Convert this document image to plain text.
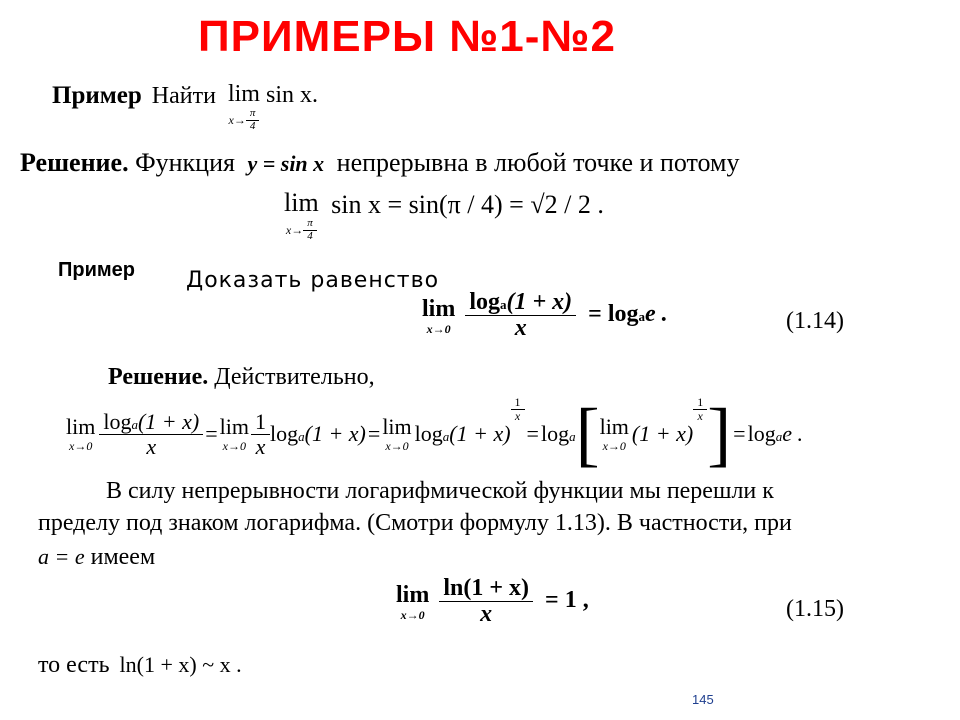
ПРИМЕРЫ №1-№2
Пример Найти lim
$x\to \frac{\pi}{4}$
sin x.
Решение. Функция y = sin x непрерывна в любой точке и потому
lim
$x\to \frac{\pi}{4}$
sin x = sin(π / 4) = √2 / 2 .
Пример Доказать равенство
lim
x→0
$\frac{\log a(1 + x)}{x}$ = logae .	(1.14)
Решение. Действительно,
lim
$x\to 0 \frac{\log a(1 + x)}{x} = \lim$
$x\to 0 \frac{1}{x} \log a(1 + x) = \lim$
x→0 loga(1 + x)
$\frac{1}{x}$
= loga [ lim
x→0 (1 + x)
$\frac{1}{x}$ ] = logae .
В силу непрерывности логарифмической функции мы перешли к
пределу под знаком логарифма. (Смотри формулу 1.13). В частности, при
a = e имеем
lim
x→0
$\frac{\ln(1 + x)}{x} = 1$ ,	(1.15)
то есть ln(1 + x) ~ x .
145
